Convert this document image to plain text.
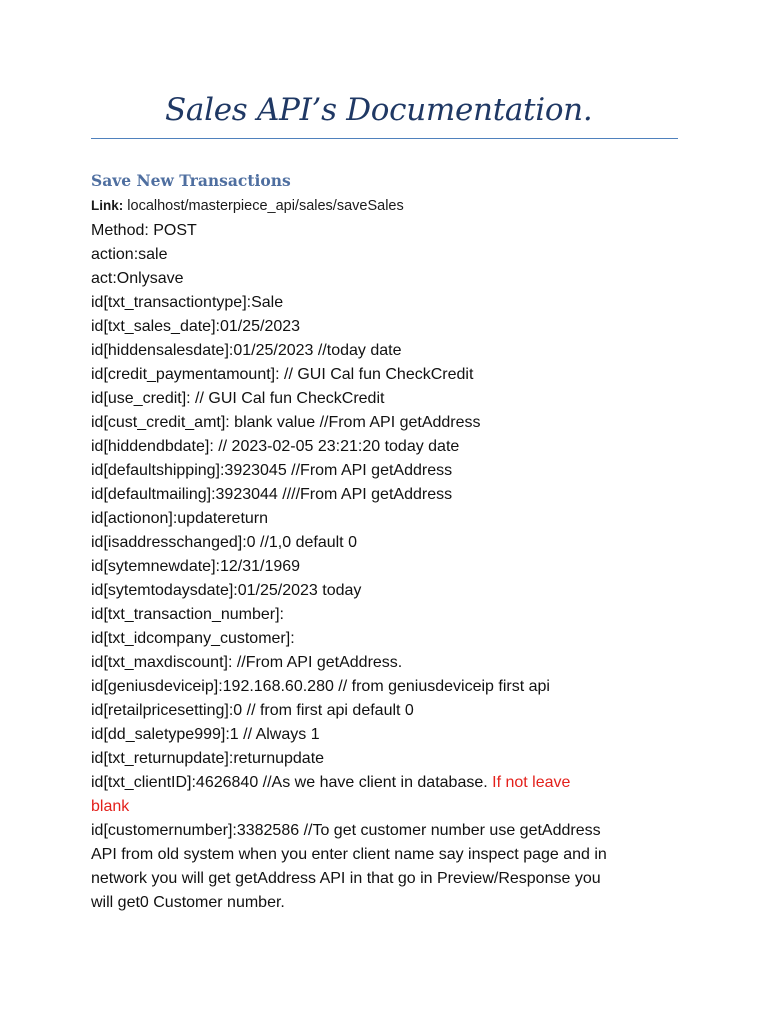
Sales API’s Documentation.
Save New Transactions
Link: localhost/masterpiece_api/sales/saveSales
Method: POST
action:sale
act:Onlysave
id[txt_transactiontype]:Sale
id[txt_sales_date]:01/25/2023
id[hiddensalesdate]:01/25/2023 //today date
id[credit_paymentamount]: // GUI Cal fun CheckCredit
id[use_credit]: // GUI Cal fun CheckCredit
id[cust_credit_amt]: blank value //From API getAddress
id[hiddendbdate]: // 2023-02-05 23:21:20 today date
id[defaultshipping]:3923045 //From API getAddress
id[defaultmailing]:3923044 ////From API getAddress
id[actionon]:updatereturn
id[isaddresschanged]:0 //1,0 default 0
id[sytemnewdate]:12/31/1969
id[sytemtodaysdate]:01/25/2023 today
id[txt_transaction_number]:
id[txt_idcompany_customer]:
id[txt_maxdiscount]: //From API getAddress.
id[geniusdeviceip]:192.168.60.280 // from geniusdeviceip first api
id[retailpricesetting]:0 // from first api default 0
id[dd_saletype999]:1 // Always 1
id[txt_returnupdate]:returnupdate
id[txt_clientID]:4626840 //As we have client in database. If not leave
blank
id[customernumber]:3382586 //To get customer number use getAddress
API from old system when you enter client name say inspect page and in
network you will get getAddress API in that go in Preview/Response you
will get0 Customer number.
